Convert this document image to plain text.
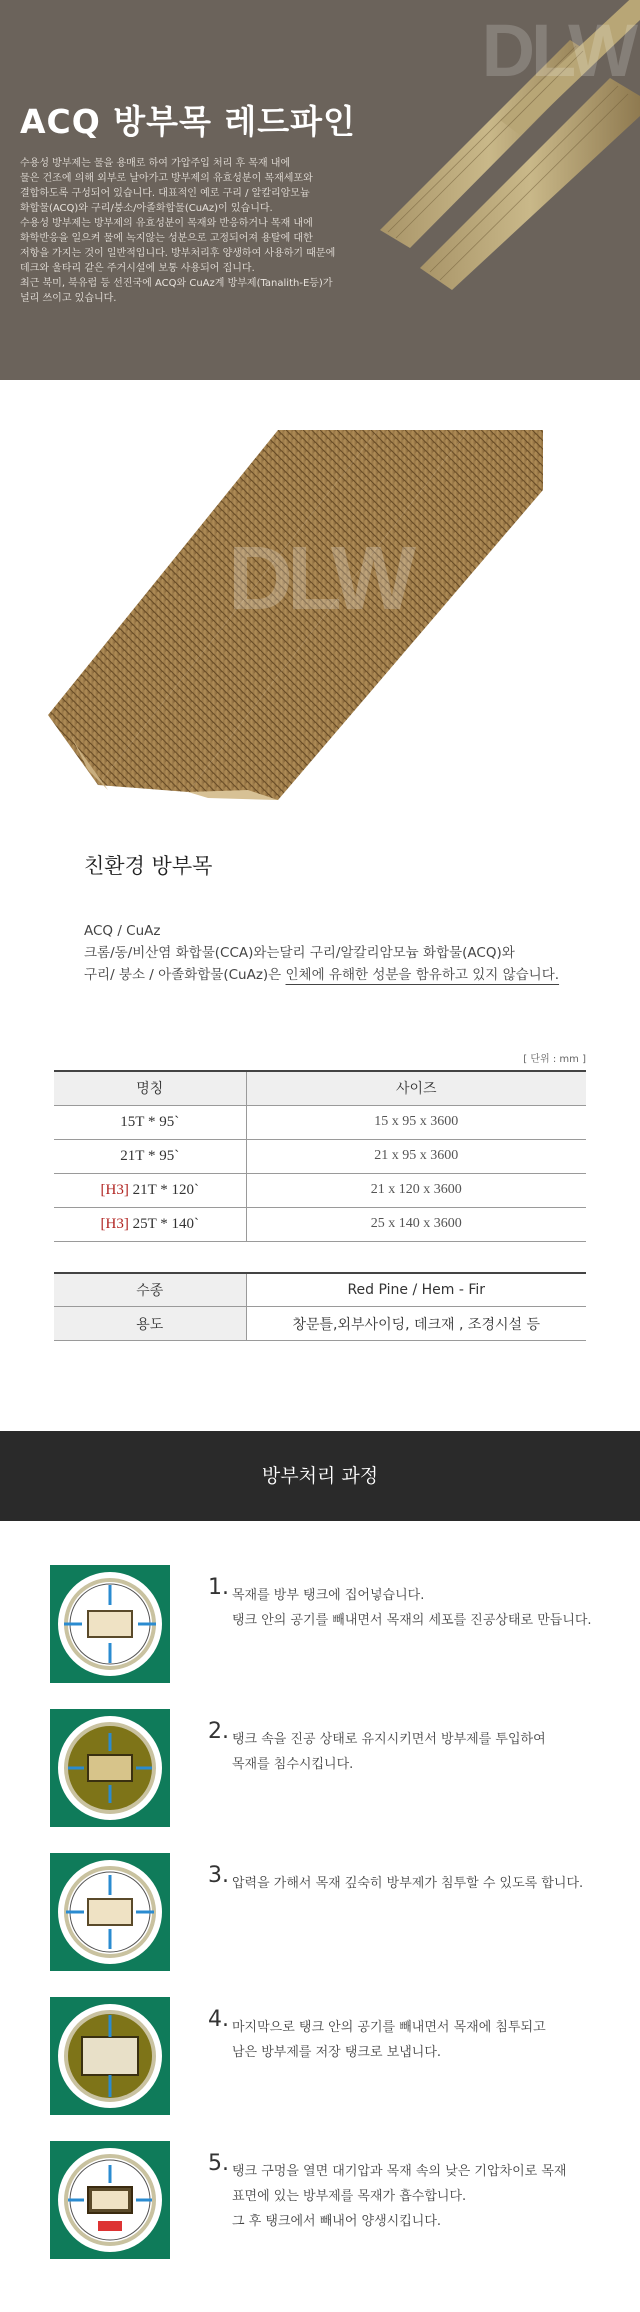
DLW
ACQ 방부목 레드파인

수용성 방부제는 물을 용매로 하여 가압주입 처리 후 목재 내에

물은 건조에 의해 외부로 날아가고 방부제의 유효성분이 목재세포와

결합하도록 구성되어 있습니다. 대표적인 예로 구리 / 알칼리암모늄

화합물(ACQ)와 구리/붕소/아졸화합물(CuAz)이 있습니다.

수용성 방부제는 방부제의 유효성분이 목재와 반응하거나 목재 내에

화학반응을 일으켜 물에 녹지않는 성분으로 고정되어져 용탈에 대한

저항을 가지는 것이 일반적입니다. 방부처리후 양생하여 사용하기 때문에

데크와 울타리 같은 주거시설에 보통 사용되어 집니다.

최근 북미, 북유럽 등 선진국에 ACQ와 CuAz계 방부제(Tanalith-E등)가

널리 쓰이고 있습니다.

DLW
친환경 방부목
ACQ / CuAz
크롬/동/비산염 화합물(CCA)와는달리 구리/알칼리암모늄 화합물(ACQ)와
구리/ 붕소 / 아졸화합물(CuAz)은 인체에 유해한 성분을 함유하고 있지 않습니다.
[ 단위 : mm ]
명칭	사이즈
15T * 95`	15 x 95 x 3600
21T * 95`	21 x 95 x 3600
[H3] 21T * 120`	21 x 120 x 3600
[H3] 25T * 140`	25 x 140 x 3600
수종	Red Pine / Hem - Fir
용도	창문틀,외부사이딩, 데크재 , 조경시설 등
방부처리 과정
1. 목재를 방부 탱크에 집어넣습니다.

탱크 안의 공기를 빼내면서 목재의 세포를 진공상태로 만듭니다.

2. 탱크 속을 진공 상태로 유지시키면서 방부제를 투입하여

목재를 침수시킵니다.

3. 압력을 가해서 목재 깊숙히 방부제가 침투할 수 있도록 합니다.

4. 마지막으로 탱크 안의 공기를 빼내면서 목재에 침투되고

남은 방부제를 저장 탱크로 보냅니다.

5. 탱크 구멍을 열면 대기압과 목재 속의 낮은 기압차이로 목재

표면에 있는 방부제를 목재가 흡수합니다.

그 후 탱크에서 빼내어 양생시킵니다.
